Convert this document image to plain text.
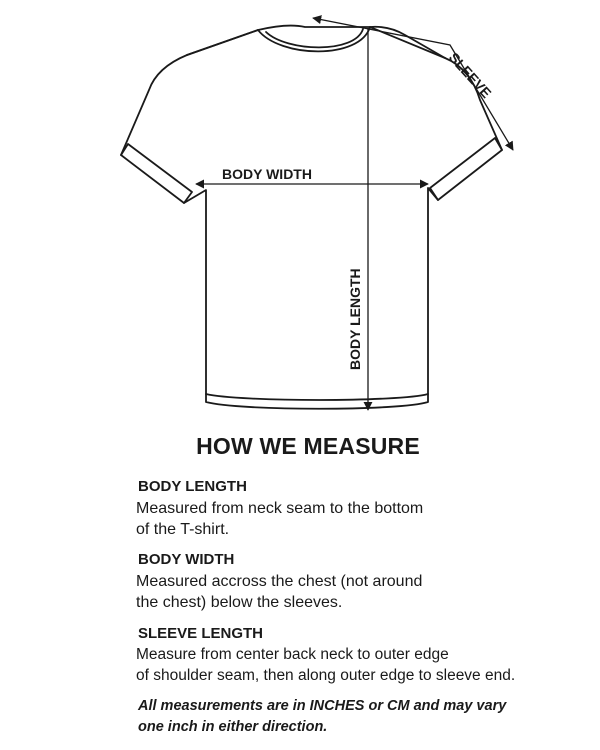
SLEEVE
BODY WIDTH
BODY LENGTH
HOW WE MEASURE
BODY LENGTH

Measured from neck seam to the bottom
of the T-shirt.

BODY WIDTH

Measured accross the chest (not around
the chest) below the sleeves.

SLEEVE LENGTH

Measure from center back neck to outer edge
of shoulder seam, then along outer edge to sleeve end.

All measurements are in INCHES or CM and may vary
one inch in either direction.
